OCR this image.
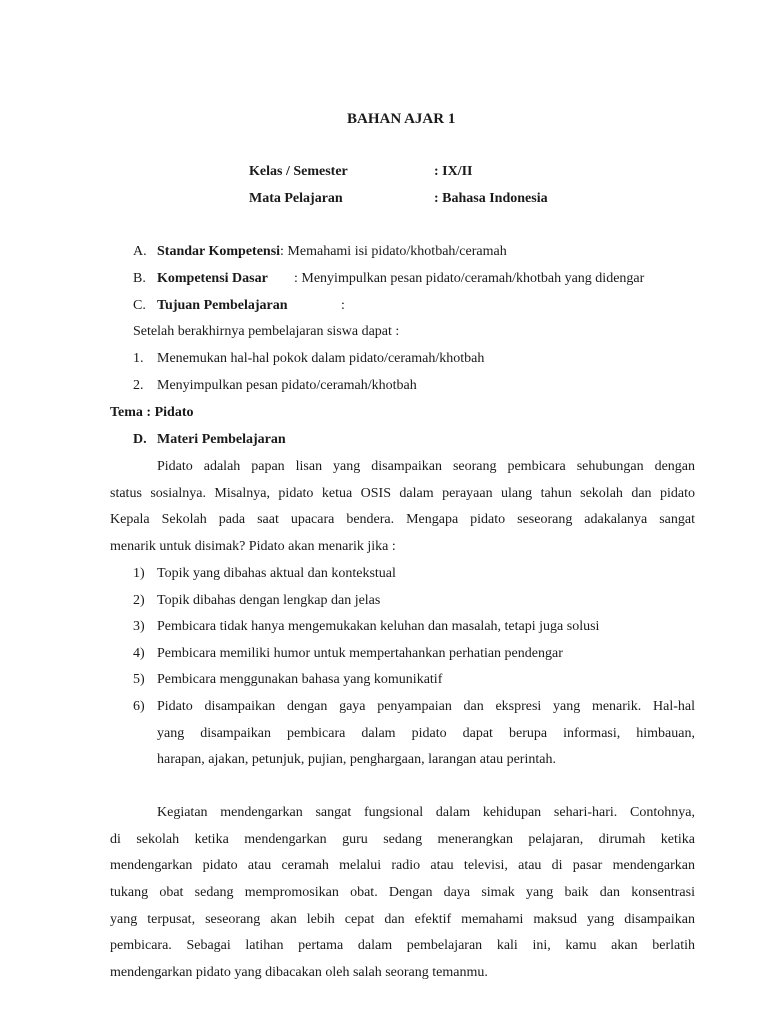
BAHAN AJAR 1
Kelas / Semester	: IX/II
Mata Pelajaran	: Bahasa Indonesia
A. Standar Kompetensi: Memahami isi pidato/khotbah/ceramah
B. Kompetensi Dasar : Menyimpulkan pesan pidato/ceramah/khotbah yang didengar
C. Tujuan Pembelajaran	:
Setelah berakhirnya pembelajaran siswa dapat :
1. Menemukan hal-hal pokok dalam pidato/ceramah/khotbah
2. Menyimpulkan pesan pidato/ceramah/khotbah
Tema : Pidato
D. Materi Pembelajaran
Pidato adalah papan lisan yang disampaikan seorang pembicara sehubungan dengan
status sosialnya. Misalnya, pidato ketua OSIS dalam perayaan ulang tahun sekolah dan pidato
Kepala Sekolah pada saat upacara bendera. Mengapa pidato seseorang adakalanya sangat
menarik untuk disimak? Pidato akan menarik jika :
1) Topik yang dibahas aktual dan kontekstual
2) Topik dibahas dengan lengkap dan jelas
3) Pembicara tidak hanya mengemukakan keluhan dan masalah, tetapi juga solusi
4) Pembicara memiliki humor untuk mempertahankan perhatian pendengar
5) Pembicara menggunakan bahasa yang komunikatif
6) Pidato disampaikan dengan gaya penyampaian dan ekspresi yang menarik. Hal-hal
yang disampaikan pembicara dalam pidato dapat berupa informasi, himbauan,
harapan, ajakan, petunjuk, pujian, penghargaan, larangan atau perintah.
Kegiatan mendengarkan sangat fungsional dalam kehidupan sehari-hari. Contohnya,
di sekolah ketika mendengarkan guru sedang menerangkan pelajaran, dirumah ketika
mendengarkan pidato atau ceramah melalui radio atau televisi, atau di pasar mendengarkan
tukang obat sedang mempromosikan obat. Dengan daya simak yang baik dan konsentrasi
yang terpusat, seseorang akan lebih cepat dan efektif memahami maksud yang disampaikan
pembicara. Sebagai latihan pertama dalam pembelajaran kali ini, kamu akan berlatih
mendengarkan pidato yang dibacakan oleh salah seorang temanmu.
